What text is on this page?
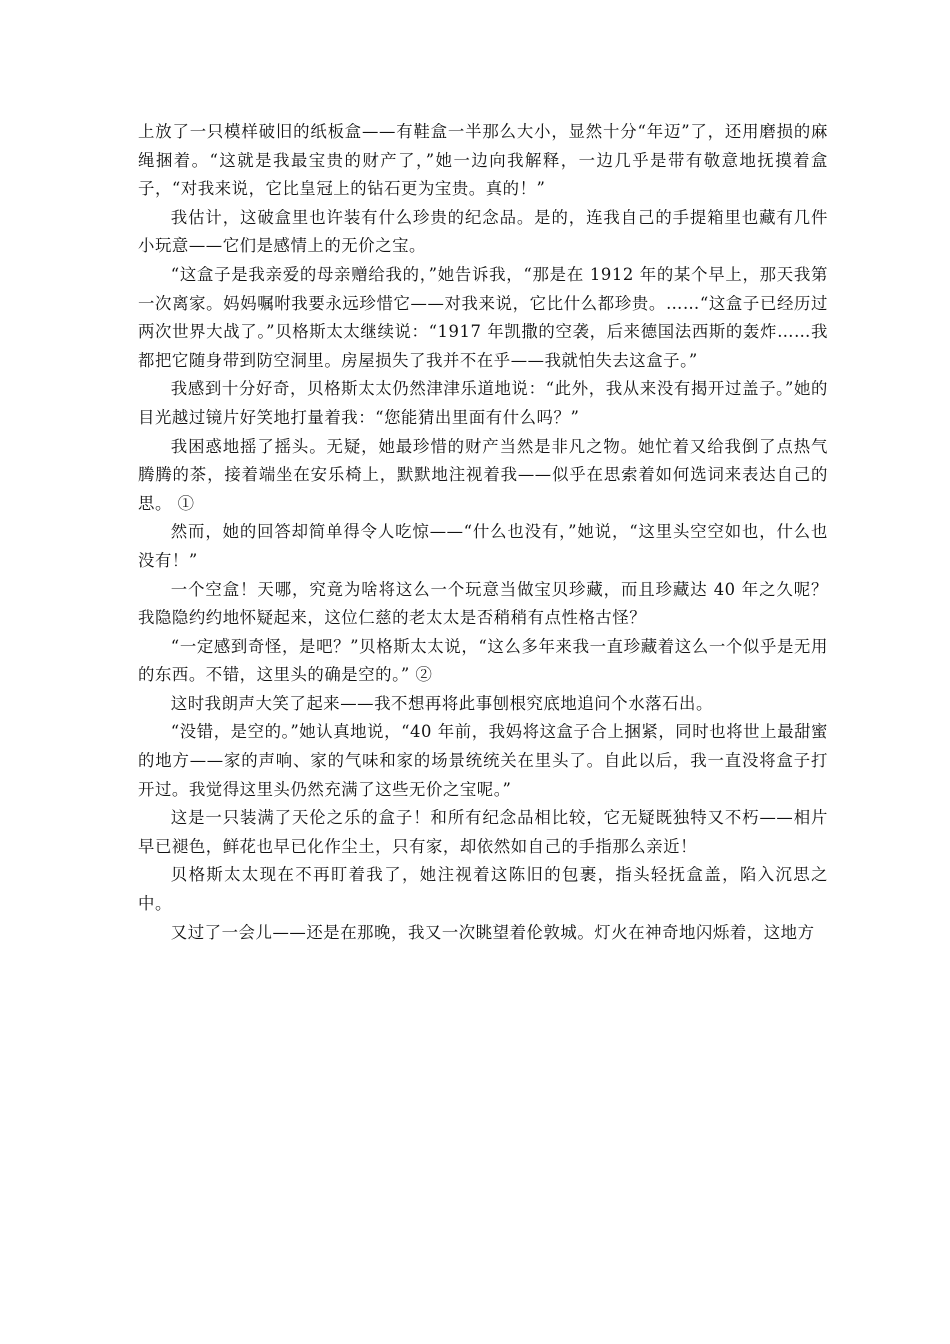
上放了一只模样破旧的纸板盒——有鞋盒一半那么大小，显然十分“年迈”了，还用磨损的麻绳捆着。“这就是我最宝贵的财产了，”她一边向我解释，一边几乎是带有敬意地抚摸着盒子，“对我来说，它比皇冠上的钻石更为宝贵。真的！”

我估计，这破盒里也许装有什么珍贵的纪念品。是的，连我自己的手提箱里也藏有几件小玩意——它们是感情上的无价之宝。

“这盒子是我亲爱的母亲赠给我的，”她告诉我，“那是在 1912 年的某个早上，那天我第一次离家。妈妈嘱咐我要永远珍惜它——对我来说，它比什么都珍贵。……“这盒子已经历过两次世界大战了。”贝格斯太太继续说：“1917 年凯撒的空袭，后来德国法西斯的轰炸……我都把它随身带到防空洞里。房屋损失了我并不在乎——我就怕失去这盒子。”

我感到十分好奇，贝格斯太太仍然津津乐道地说：“此外，我从来没有揭开过盖子。”她的目光越过镜片好笑地打量着我：“您能猜出里面有什么吗？”

我困惑地摇了摇头。无疑，她最珍惜的财产当然是非凡之物。她忙着又给我倒了点热气腾腾的茶，接着端坐在安乐椅上，默默地注视着我——似乎在思索着如何选词来表达自己的思。 ①

然而，她的回答却简单得令人吃惊——“什么也没有，”她说，“这里头空空如也，什么也没有！”

一个空盒！天哪，究竟为啥将这么一个玩意当做宝贝珍藏，而且珍藏达 40 年之久呢？我隐隐约约地怀疑起来，这位仁慈的老太太是否稍稍有点性格古怪？

“一定感到奇怪，是吧？”贝格斯太太说，“这么多年来我一直珍藏着这么一个似乎是无用的东西。不错，这里头的确是空的。” ②

这时我朗声大笑了起来——我不想再将此事刨根究底地追问个水落石出。

“没错，是空的。”她认真地说，“40 年前，我妈将这盒子合上捆紧，同时也将世上最甜蜜的地方——家的声响、家的气味和家的场景统统关在里头了。自此以后，我一直没将盒子打开过。我觉得这里头仍然充满了这些无价之宝呢。”

这是一只装满了天伦之乐的盒子！和所有纪念品相比较，它无疑既独特又不朽——相片早已褪色，鲜花也早已化作尘土，只有家，却依然如自己的手指那么亲近！

贝格斯太太现在不再盯着我了，她注视着这陈旧的包裹，指头轻抚盒盖，陷入沉思之中。

又过了一会儿——还是在那晚，我又一次眺望着伦敦城。灯火在神奇地闪烁着，这地方
